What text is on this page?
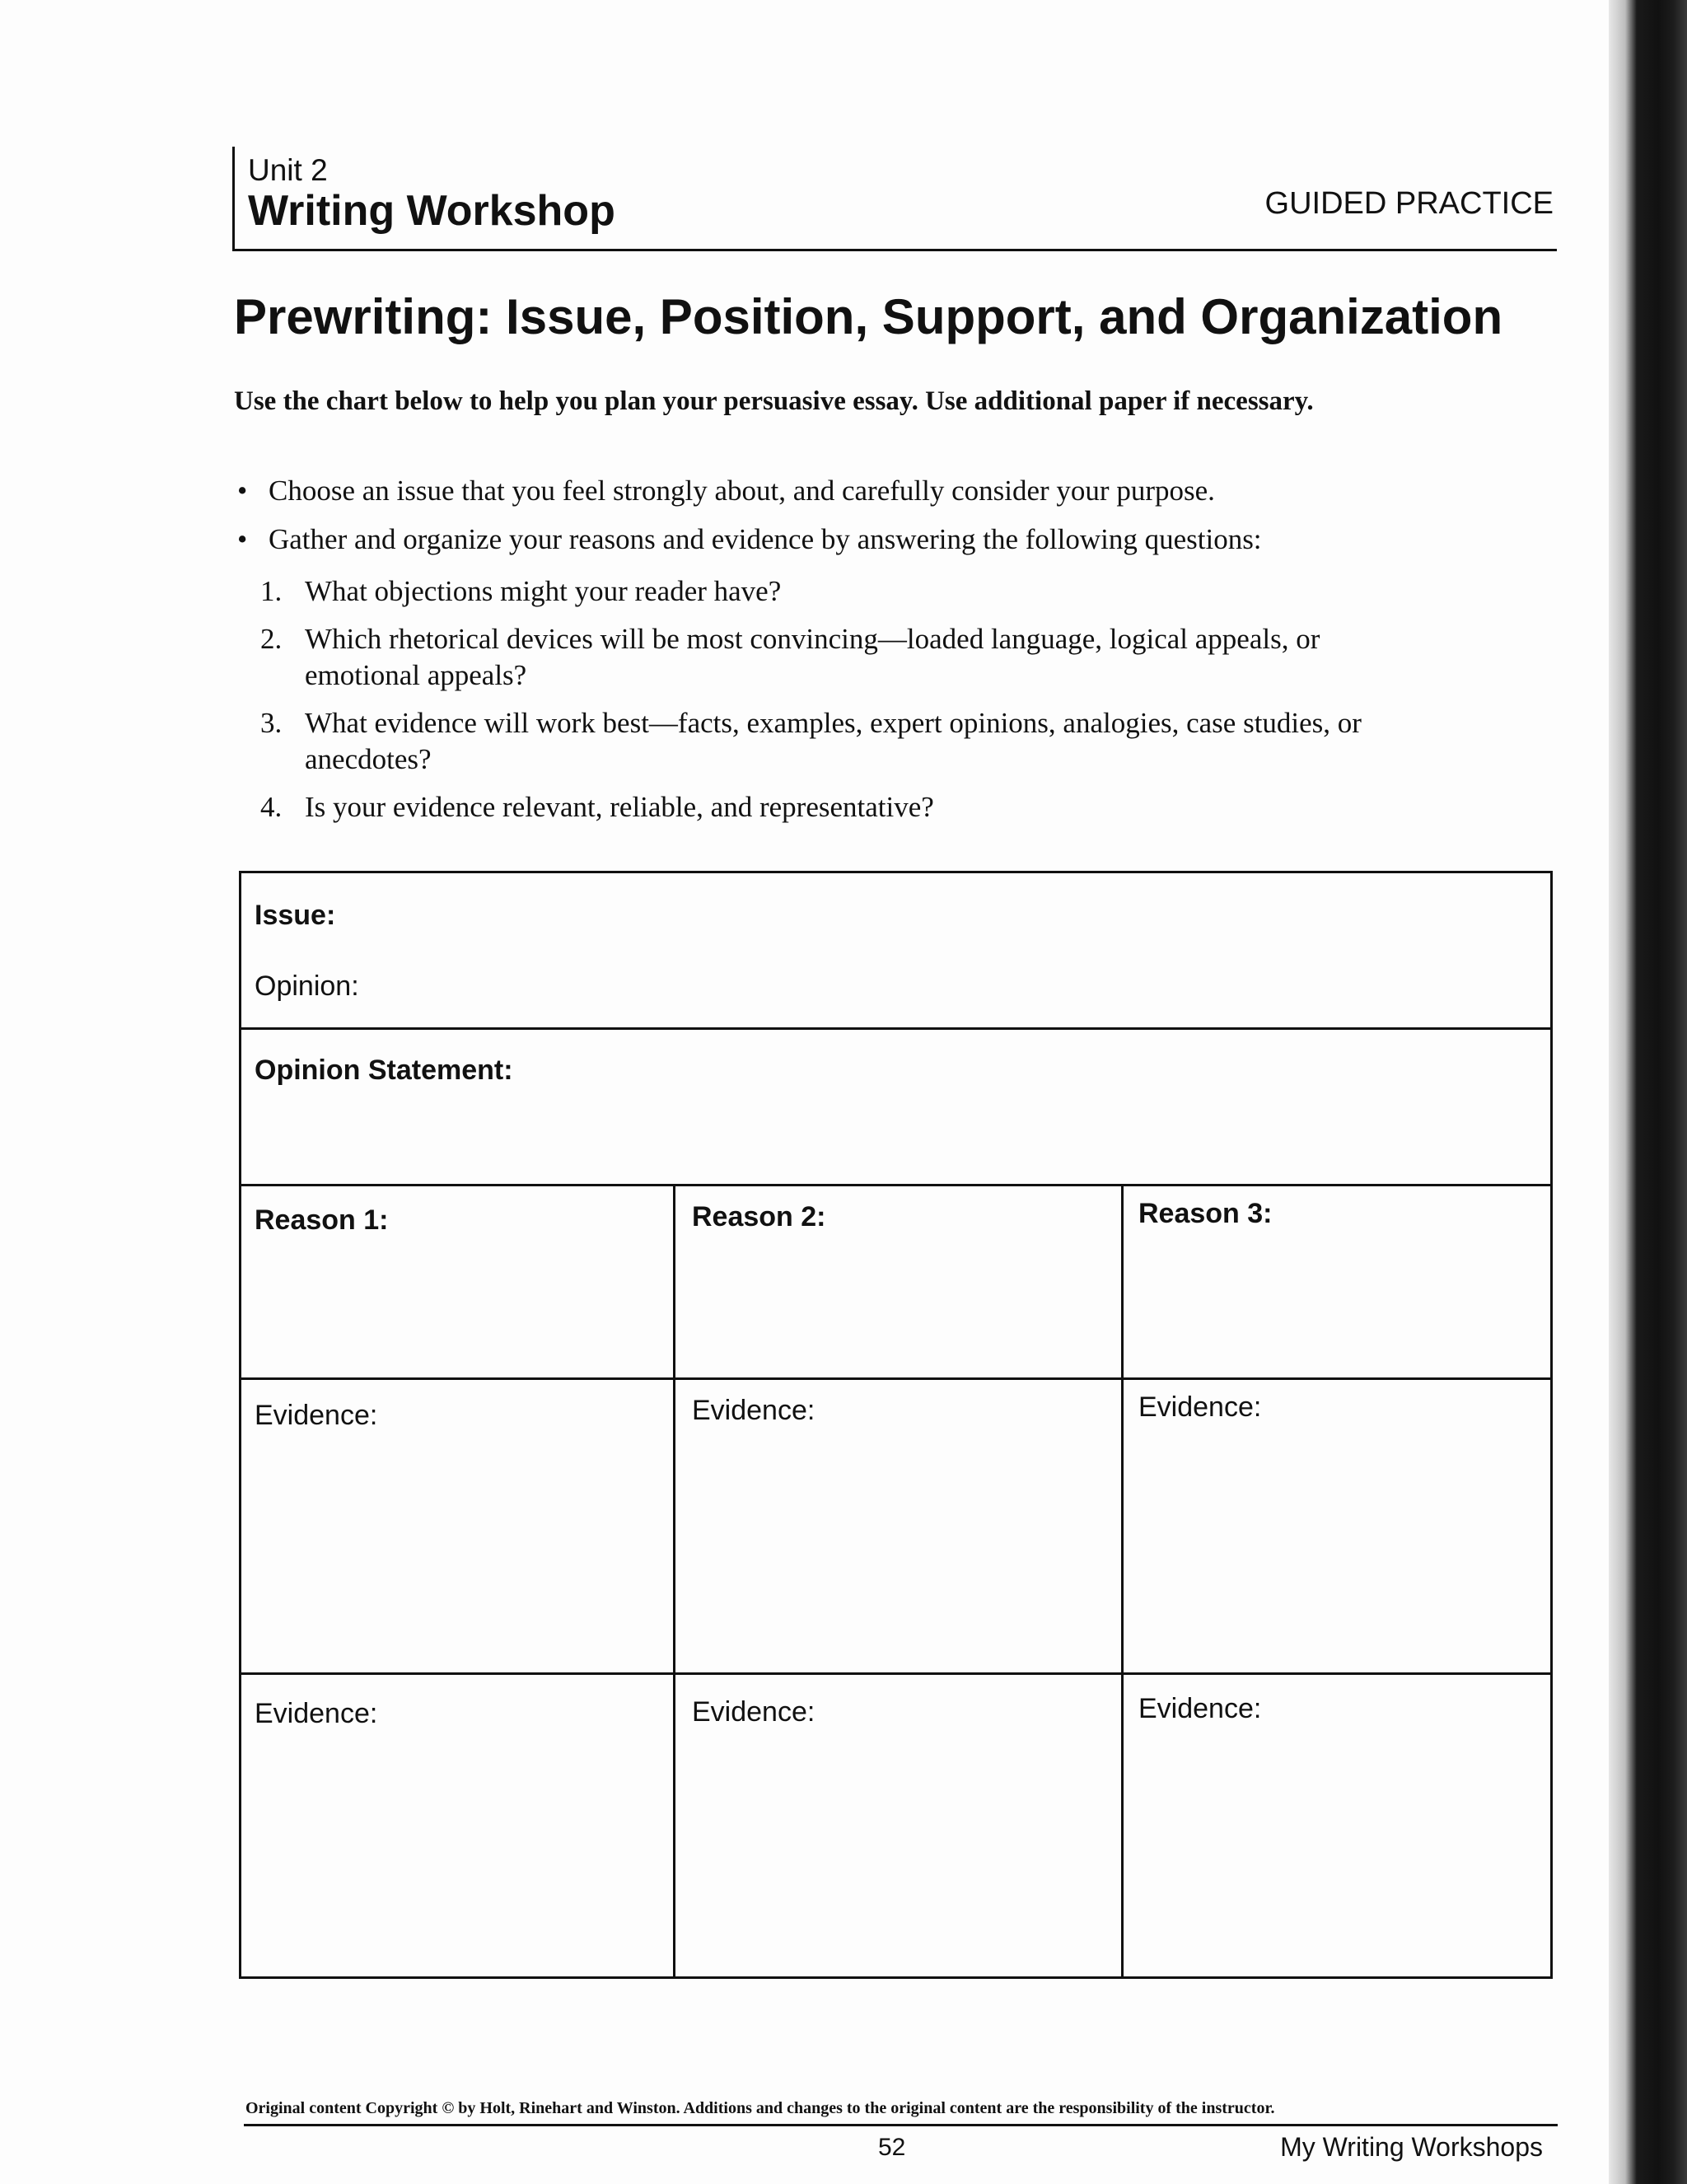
Unit 2
Writing Workshop	GUIDED PRACTICE
Prewriting: Issue, Position, Support, and Organization
Use the chart below to help you plan your persuasive essay. Use additional paper if necessary.
• Choose an issue that you feel strongly about, and carefully consider your purpose.
• Gather and organize your reasons and evidence by answering the following questions:
1. What objections might your reader have?
2. Which rhetorical devices will be most convincing—loaded language, logical appeals, or emotional appeals?
3. What evidence will work best—facts, examples, expert opinions, analogies, case studies, or anecdotes?
4. Is your evidence relevant, reliable, and representative?
Issue:
Opinion:
Opinion Statement:
Reason 1:	Reason 2:	Reason 3:
Evidence:	Evidence:	Evidence:
Evidence:	Evidence:	Evidence:
Original content Copyright © by Holt, Rinehart and Winston. Additions and changes to the original content are the responsibility of the instructor.
52	My Writing Workshops
